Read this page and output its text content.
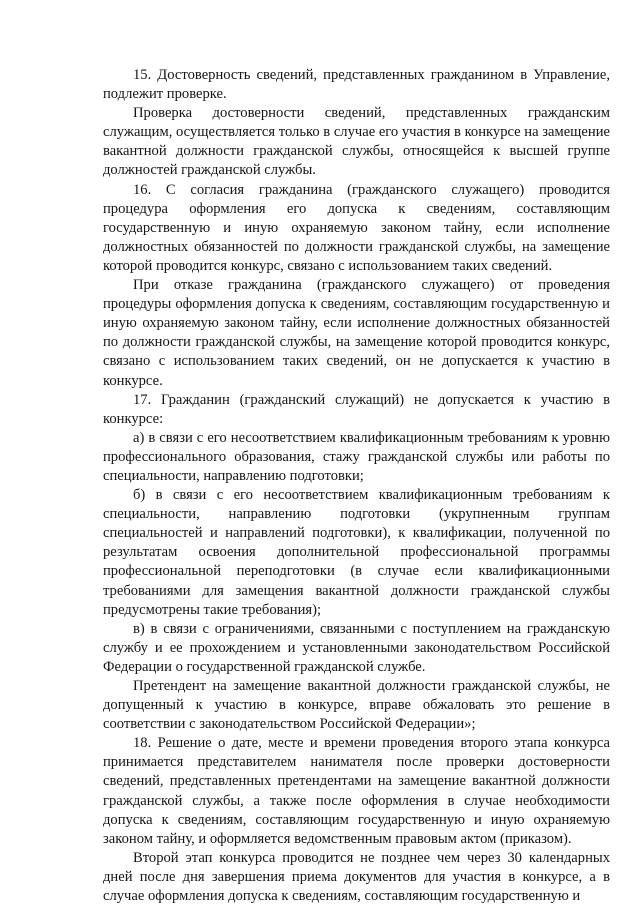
15. Достоверность сведений, представленных гражданином в Управление, подлежит проверке.

Проверка достоверности сведений, представленных гражданским служащим, осуществляется только в случае его участия в конкурсе на замещение вакантной должности гражданской службы, относящейся к высшей группе должностей гражданской службы.

16. С согласия гражданина (гражданского служащего) проводится процедура оформления его допуска к сведениям, составляющим государственную и иную охраняемую законом тайну, если исполнение должностных обязанностей по должности гражданской службы, на замещение которой проводится конкурс, связано с использованием таких сведений.

При отказе гражданина (гражданского служащего) от проведения процедуры оформления допуска к сведениям, составляющим государственную и иную охраняемую законом тайну, если исполнение должностных обязанностей по должности гражданской службы, на замещение которой проводится конкурс, связано с использованием таких сведений, он не допускается к участию в конкурсе.

17. Гражданин (гражданский служащий) не допускается к участию в конкурсе:

а) в связи с его несоответствием квалификационным требованиям к уровню профессионального образования, стажу гражданской службы или работы по специальности, направлению подготовки;

б) в связи с его несоответствием квалификационным требованиям к специальности, направлению подготовки (укрупненным группам специальностей и направлений подготовки), к квалификации, полученной по результатам освоения дополнительной профессиональной программы профессиональной переподготовки (в случае если квалификационными требованиями для замещения вакантной должности гражданской службы предусмотрены такие требования);

в) в связи с ограничениями, связанными с поступлением на гражданскую службу и ее прохождением и установленными законодательством Российской Федерации о государственной гражданской службе.

Претендент на замещение вакантной должности гражданской службы, не допущенный к участию в конкурсе, вправе обжаловать это решение в соответствии с законодательством Российской Федерации»;

18. Решение о дате, месте и времени проведения второго этапа конкурса принимается представителем нанимателя после проверки достоверности сведений, представленных претендентами на замещение вакантной должности гражданской службы, а также после оформления в случае необходимости допуска к сведениям, составляющим государственную и иную охраняемую законом тайну, и оформляется ведомственным правовым актом (приказом).

Второй этап конкурса проводится не позднее чем через 30 календарных дней после дня завершения приема документов для участия в конкурсе, а в случае оформления допуска к сведениям, составляющим государственную и
